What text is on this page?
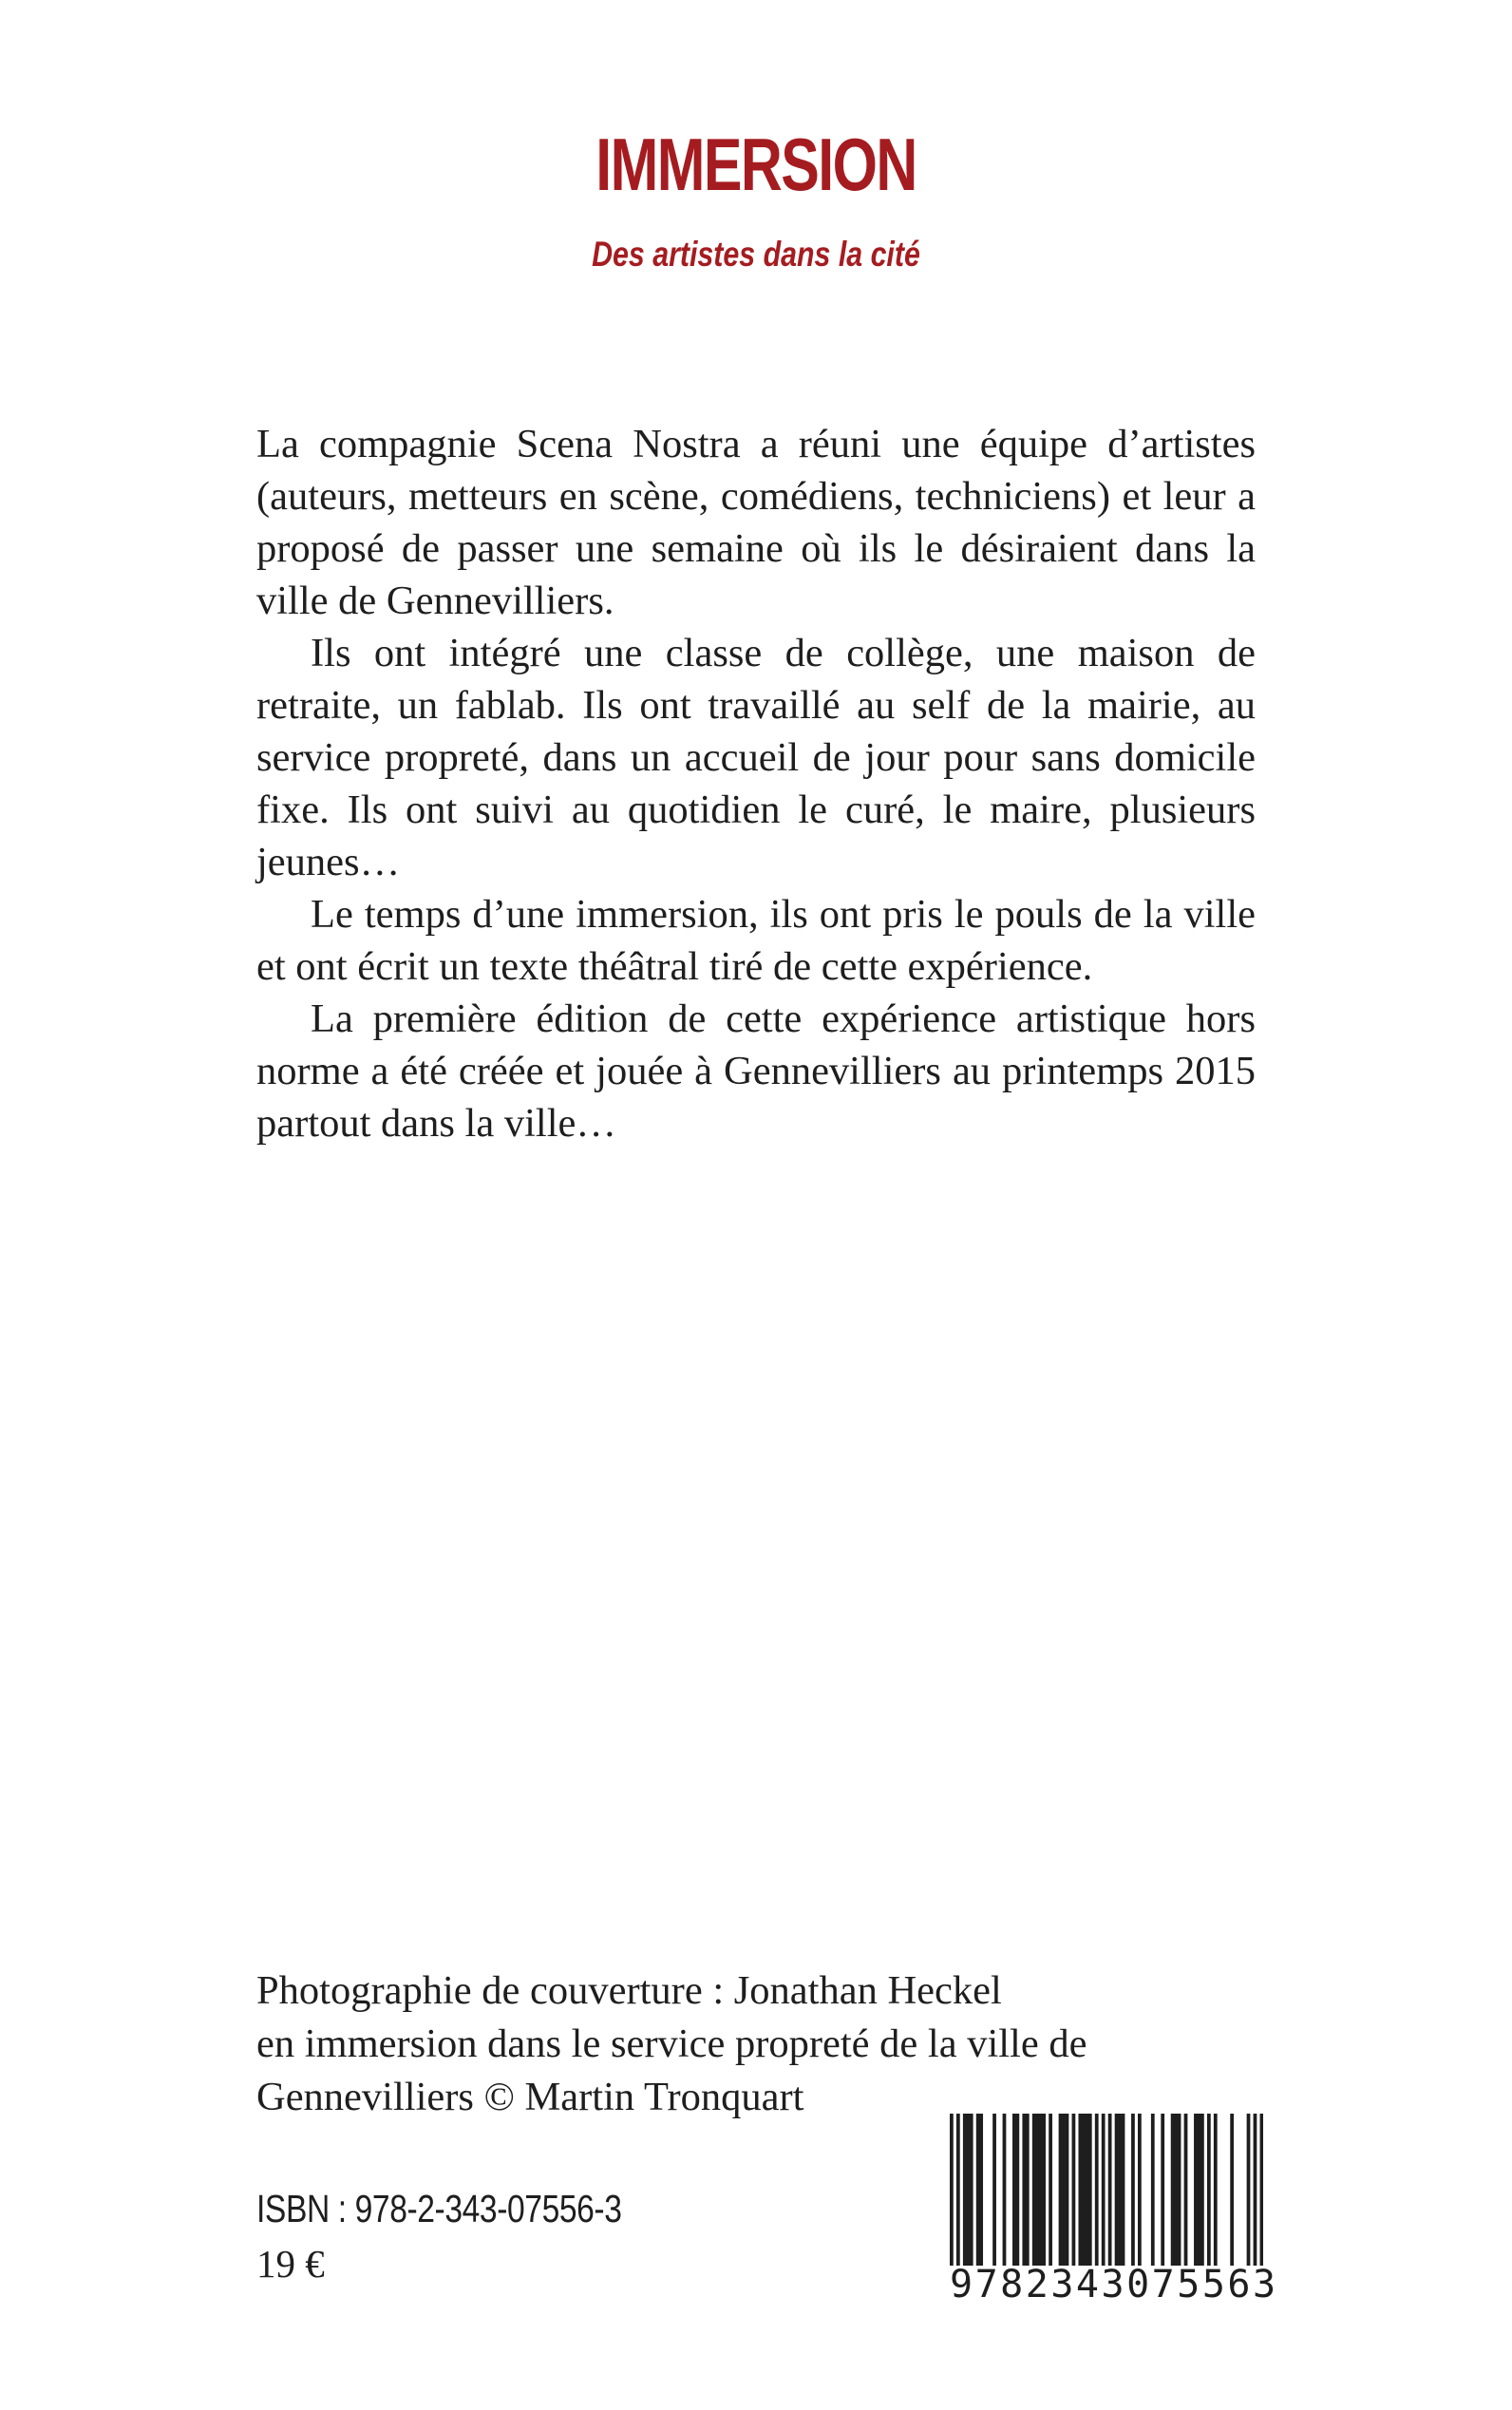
IMMERSION
Des artistes dans la cité

La compagnie Scena Nostra a réuni une équipe d’artistes (auteurs, metteurs en scène, comédiens, techniciens) et leur a proposé de passer une semaine où ils le désiraient dans la ville de Gennevilliers.

Ils ont intégré une classe de collège, une maison de retraite, un fablab. Ils ont travaillé au self de la mairie, au service propreté, dans un accueil de jour pour sans domicile fixe. Ils ont suivi au quotidien le curé, le maire, plusieurs jeunes…

Le temps d’une immersion, ils ont pris le pouls de la ville et ont écrit un texte théâtral tiré de cette expérience.

La première édition de cette expérience artistique hors norme a été créée et jouée à Gennevilliers au printemps 2015 partout dans la ville…

Photographie de couverture : Jonathan Heckel

en immersion dans le service propreté de la ville de

Gennevilliers © Martin Tronquart

ISBN : 978-2-343-07556-3
19 €	9782343075563
